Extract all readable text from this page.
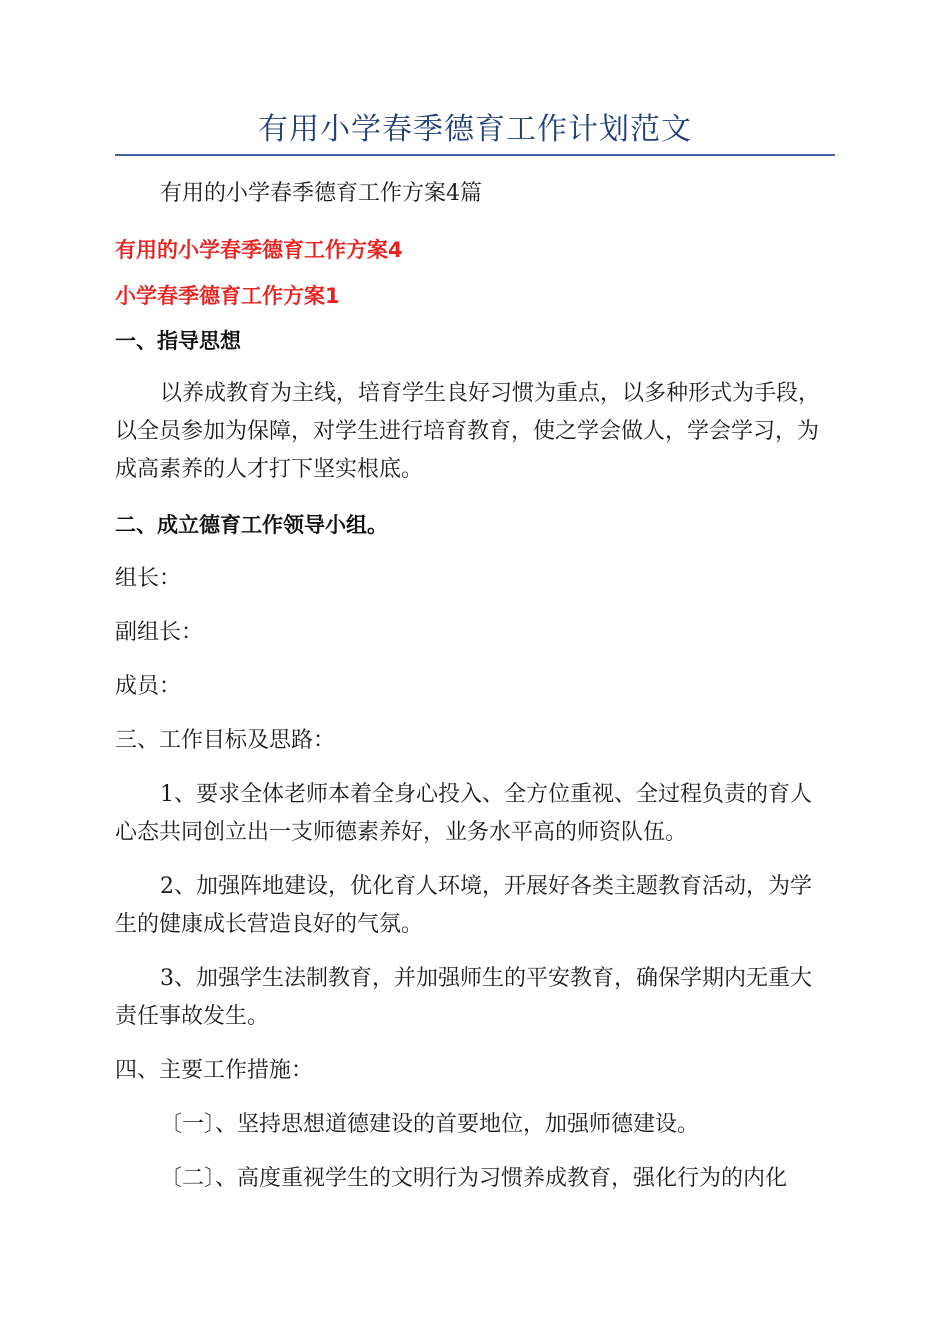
有用小学春季德育工作计划范文
有用的小学春季德育工作方案4篇
有用的小学春季德育工作方案4
小学春季德育工作方案1
一、指导思想
以养成教育为主线，培育学生良好习惯为重点，以多种形式为手段，
以全员参加为保障，对学生进行培育教育，使之学会做人，学会学习，为
成高素养的人才打下坚实根底。
二、成立德育工作领导小组。
组长：
副组长：
成员：
三、工作目标及思路：
1、要求全体老师本着全身心投入、全方位重视、全过程负责的育人
心态共同创立出一支师德素养好，业务水平高的师资队伍。
2、加强阵地建设，优化育人环境，开展好各类主题教育活动，为学
生的健康成长营造良好的气氛。
3、加强学生法制教育，并加强师生的平安教育，确保学期内无重大
责任事故发生。
四、主要工作措施：
〔一〕、坚持思想道德建设的首要地位，加强师德建设。
〔二〕、高度重视学生的文明行为习惯养成教育，强化行为的内化
